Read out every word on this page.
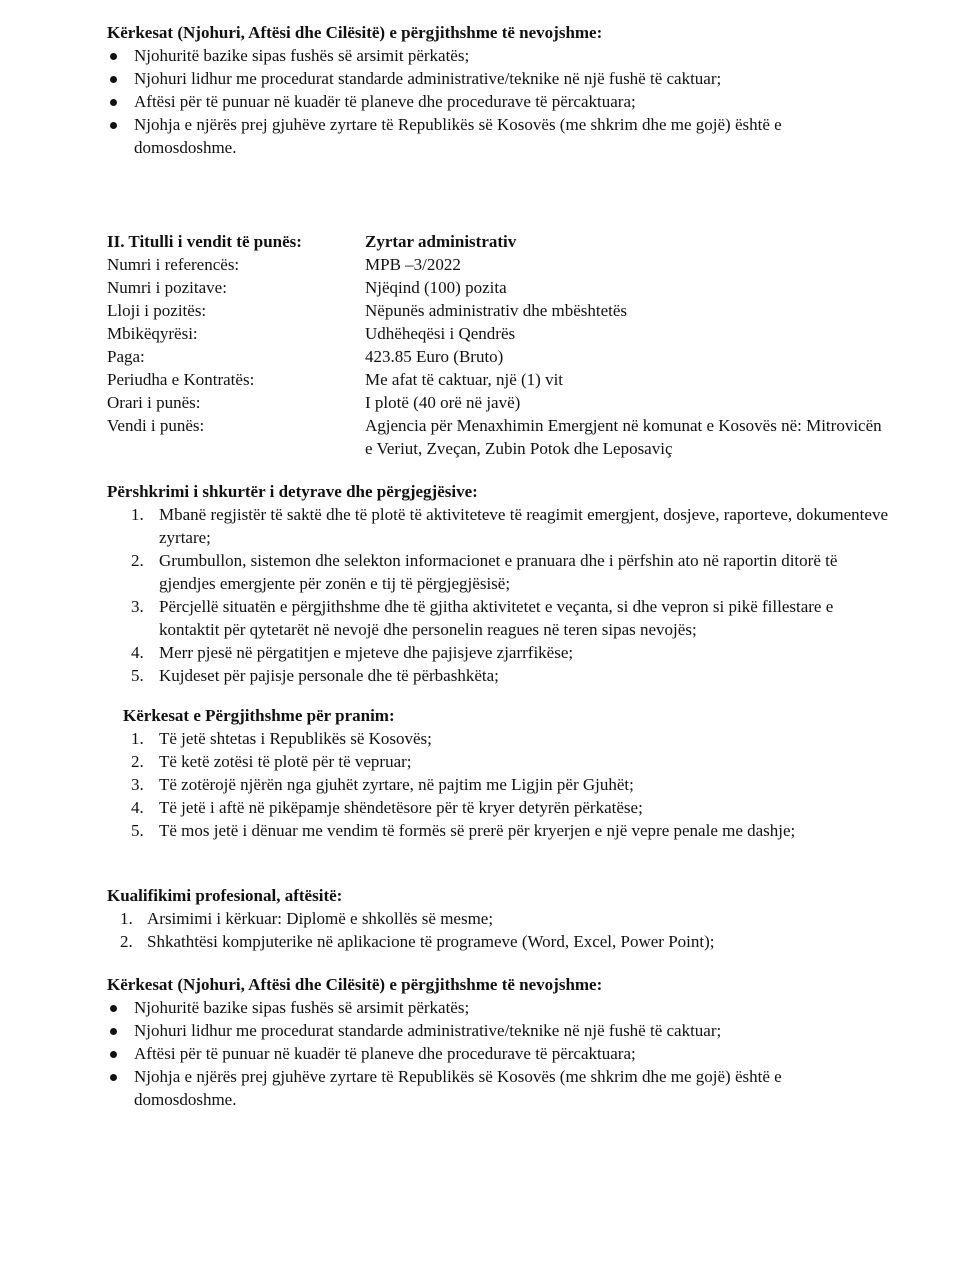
Kërkesat (Njohuri, Aftësi dhe Cilësitë) e përgjithshme të nevojshme:
Njohuritë bazike sipas fushës së arsimit përkatës;
Njohuri lidhur me procedurat standarde administrative/teknike në një fushë të caktuar;
Aftësi për të punuar në kuadër të planeve dhe procedurave të përcaktuara;
Njohja e njërës prej gjuhëve zyrtare të Republikës së Kosovës (me shkrim dhe me gojë) është e domosdoshme.
II. Titulli i vendit të punës:	Zyrtar administrativ
Numri i referencës:	MPB –3/2022
Numri i pozitave:	Njëqind (100) pozita
Lloji i pozitës:	Nëpunës administrativ dhe mbështetës
Mbikëqyrësi:	Udhëheqësi i Qendrës
Paga:	423.85 Euro (Bruto)
Periudha e Kontratës:	Me afat të caktuar, një (1) vit
Orari i punës:	I plotë (40 orë në javë)
Vendi i punës:	Agjencia për Menaxhimin Emergjent në komunat e Kosovës në: Mitrovicën e Veriut, Zveçan, Zubin Potok dhe Leposaviç
Përshkrimi i shkurtër i detyrave dhe përgjegjësive:
1. Mbanë regjistër të saktë dhe të plotë të aktiviteteve të reagimit emergjent, dosjeve, raporteve, dokumenteve zyrtare;
2. Grumbullon, sistemon dhe selekton informacionet e pranuara dhe i përfshin ato në raportin ditorë të gjendjes emergjente për zonën e tij të përgjegjësisë;
3. Përcjellë situatën e përgjithshme dhe të gjitha aktivitetet e veçanta, si dhe vepron si pikë fillestare e kontaktit për qytetarët në nevojë dhe personelin reagues në teren sipas nevojës;
4. Merr pjesë në përgatitjen e mjeteve dhe pajisjeve zjarrfikëse;
5. Kujdeset për pajisje personale dhe të përbashkëta;
Kërkesat e Përgjithshme për pranim:
1. Të jetë shtetas i Republikës së Kosovës;
2. Të ketë zotësi të plotë për të vepruar;
3. Të zotërojë njërën nga gjuhët zyrtare, në pajtim me Ligjin për Gjuhët;
4. Të jetë i aftë në pikëpamje shëndetësore për të kryer detyrën përkatëse;
5. Të mos jetë i dënuar me vendim të formës së prerë për kryerjen e një vepre penale me dashje;
Kualifikimi profesional, aftësitë:
1. Arsimimi i kërkuar: Diplomë e shkollës së mesme;
2. Shkathtësi kompjuterike në aplikacione të programeve (Word, Excel, Power Point);
Kërkesat (Njohuri, Aftësi dhe Cilësitë) e përgjithshme të nevojshme:
Njohuritë bazike sipas fushës së arsimit përkatës;
Njohuri lidhur me procedurat standarde administrative/teknike në një fushë të caktuar;
Aftësi për të punuar në kuadër të planeve dhe procedurave të përcaktuara;
Njohja e njërës prej gjuhëve zyrtare të Republikës së Kosovës (me shkrim dhe me gojë) është e domosdoshme.
